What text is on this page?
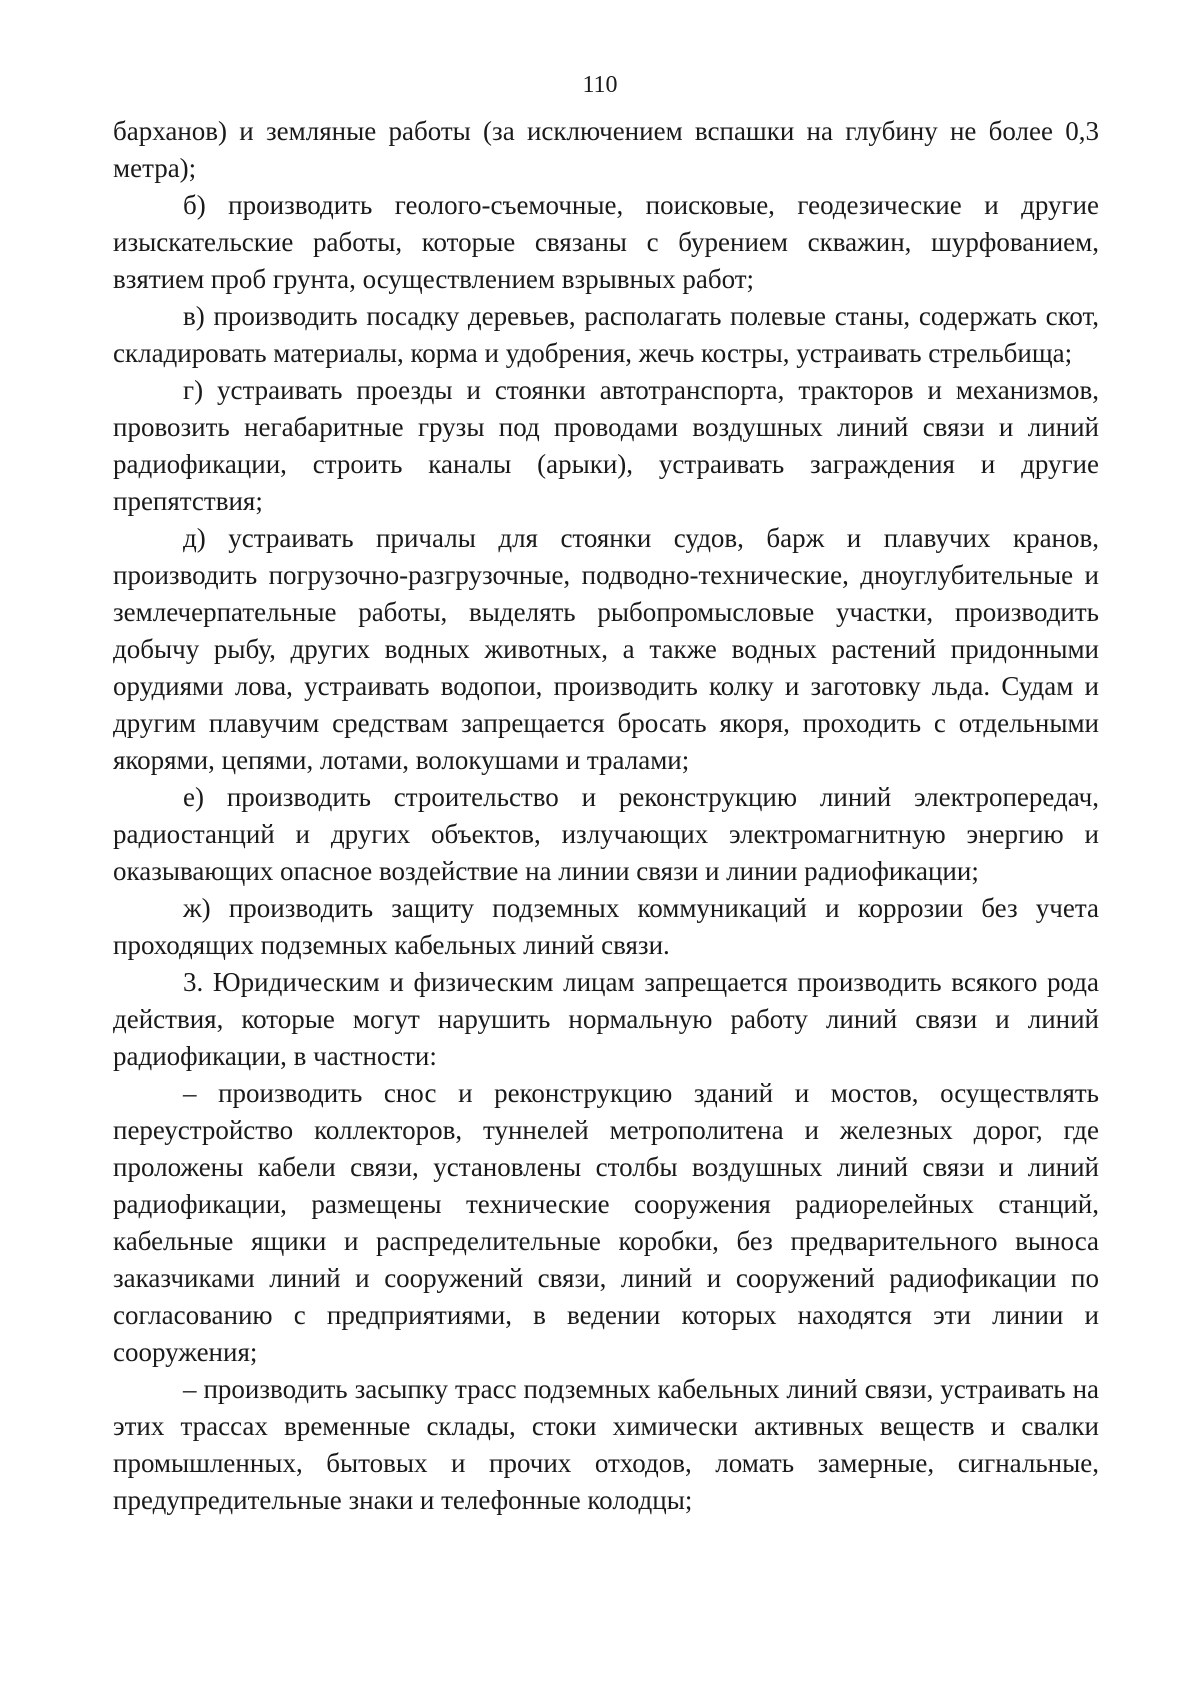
110

барханов) и земляные работы (за исключением вспашки на глубину не более 0,3 метра);

б) производить геолого-съемочные, поисковые, геодезические и другие изыскательские работы, которые связаны с бурением скважин, шурфованием, взятием проб грунта, осуществлением взрывных работ;

в) производить посадку деревьев, располагать полевые станы, содержать скот, складировать материалы, корма и удобрения, жечь костры, устраивать стрельбища;

г) устраивать проезды и стоянки автотранспорта, тракторов и механизмов, провозить негабаритные грузы под проводами воздушных линий связи и линий радиофикации, строить каналы (арыки), устраивать заграждения и другие препятствия;

д) устраивать причалы для стоянки судов, барж и плавучих кранов, производить погрузочно-разгрузочные, подводно-технические, дноуглубительные и землечерпательные работы, выделять рыбопромысловые участки, производить добычу рыбу, других водных животных, а также водных растений придонными орудиями лова, устраивать водопои, производить колку и заготовку льда. Судам и другим плавучим средствам запрещается бросать якоря, проходить с отдельными якорями, цепями, лотами, волокушами и тралами;

е) производить строительство и реконструкцию линий электропередач, радиостанций и других объектов, излучающих электромагнитную энергию и оказывающих опасное воздействие на линии связи и линии радиофикации;

ж) производить защиту подземных коммуникаций и коррозии без учета проходящих подземных кабельных линий связи.

3. Юридическим и физическим лицам запрещается производить всякого рода действия, которые могут нарушить нормальную работу линий связи и линий радиофикации, в частности:

– производить снос и реконструкцию зданий и мостов, осуществлять переустройство коллекторов, туннелей метрополитена и железных дорог, где проложены кабели связи, установлены столбы воздушных линий связи и линий радиофикации, размещены технические сооружения радиорелейных станций, кабельные ящики и распределительные коробки, без предварительного выноса заказчиками линий и сооружений связи, линий и сооружений радиофикации по согласованию с предприятиями, в ведении которых находятся эти линии и сооружения;

– производить засыпку трасс подземных кабельных линий связи, устраивать на этих трассах временные склады, стоки химически активных веществ и свалки промышленных, бытовых и прочих отходов, ломать замерные, сигнальные, предупредительные знаки и телефонные колодцы;
